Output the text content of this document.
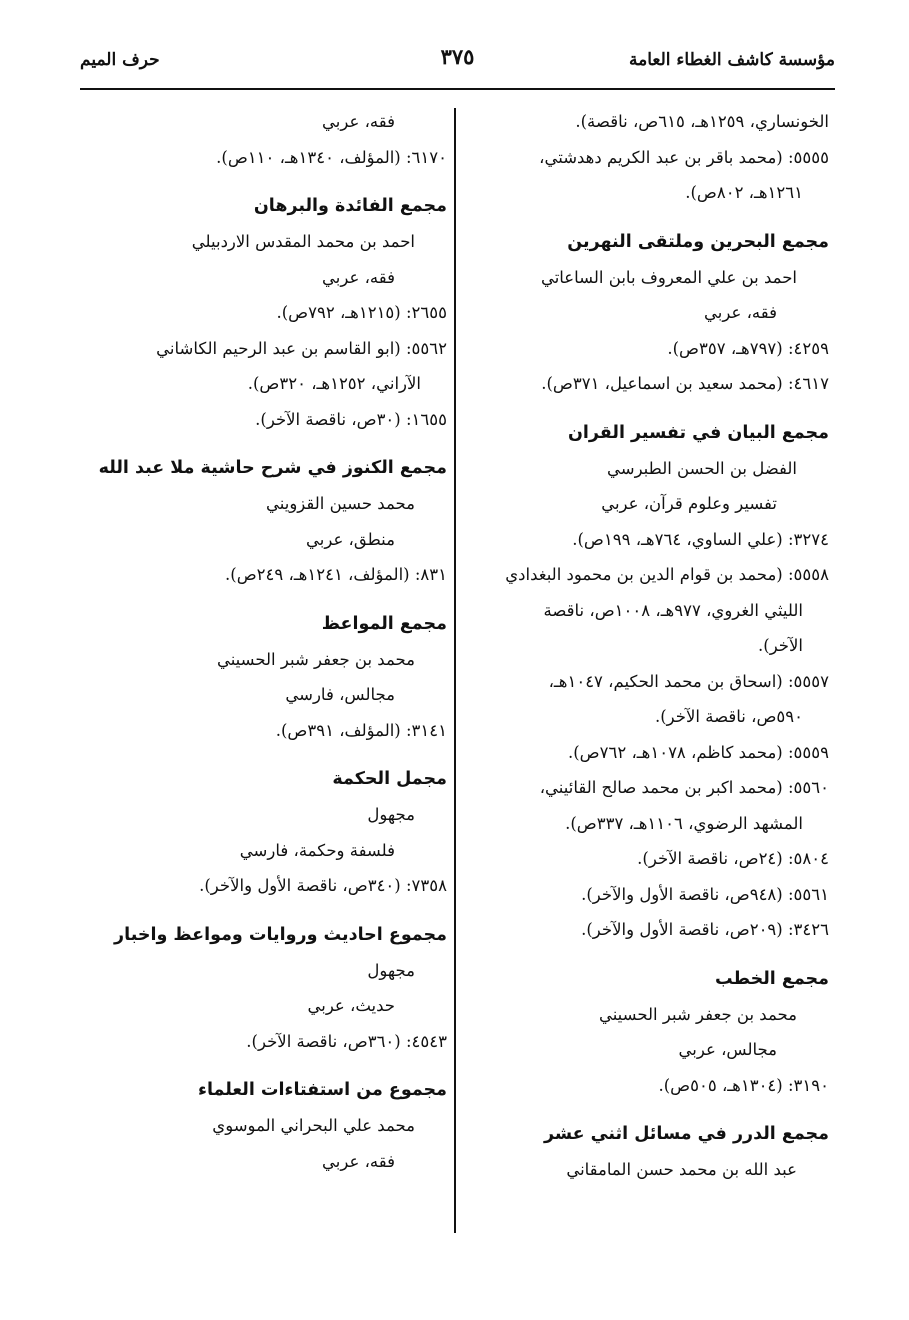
مؤسسة كاشف الغطاء العامة
٣٧٥
حرف الميم
الخونساري، ١٢٥٩هـ، ٦١٥ص، ناقصة).
٥٥٥٥: (محمد باقر بن عبد الكريم دهدشتي،
١٢٦١هـ، ٨٠٢ص).
مجمع البحرين وملتقى النهرين
احمد بن علي المعروف بابن الساعاتي
فقه، عربي
٤٢٥٩: (٧٩٧هـ، ٣٥٧ص).
٤٦١٧: (محمد سعيد بن اسماعيل، ٣٧١ص).
مجمع البيان في تفسير القران
الفضل بن الحسن الطبرسي
تفسير وعلوم قرآن، عربي
٣٢٧٤: (علي الساوي، ٧٦٤هـ، ١٩٩ص).
٥٥٥٨: (محمد بن قوام الدين بن محمود البغدادي
الليثي الغروي، ٩٧٧هـ، ١٠٠٨ص، ناقصة
الآخر).
٥٥٥٧: (اسحاق بن محمد الحكيم، ١٠٤٧هـ،
٥٩٠ص، ناقصة الآخر).
٥٥٥٩: (محمد كاظم، ١٠٧٨هـ، ٧٦٢ص).
٥٥٦٠: (محمد اكبر بن محمد صالح القائيني،
المشهد الرضوي، ١١٠٦هـ، ٣٣٧ص).
٥٨٠٤: (٢٤ص، ناقصة الآخر).
٥٥٦١: (٩٤٨ص، ناقصة الأول والآخر).
٣٤٢٦: (٢٠٩ص، ناقصة الأول والآخر).
مجمع الخطب
محمد بن جعفر شبر الحسيني
مجالس، عربي
٣١٩٠: (١٣٠٤هـ، ٥٠٥ص).
مجمع الدرر في مسائل اثني عشر
عبد الله بن محمد حسن المامقاني
فقه، عربي
٦١٧٠: (المؤلف، ١٣٤٠هـ، ١١٠ص).
مجمع الفائدة والبرهان
احمد بن محمد المقدس الاردبيلي
فقه، عربي
٢٦٥٥: (١٢١٥هـ، ٧٩٢ص).
٥٥٦٢: (ابو القاسم بن عبد الرحيم الكاشاني
الآراني، ١٢٥٢هـ، ٣٢٠ص).
١٦٥٥: (٣٠ص، ناقصة الآخر).
مجمع الكنوز في شرح حاشية ملا عبد الله
محمد حسين القزويني
منطق، عربي
٨٣١: (المؤلف، ١٢٤١هـ، ٢٤٩ص).
مجمع المواعظ
محمد بن جعفر شبر الحسيني
مجالس، فارسي
٣١٤١: (المؤلف، ٣٩١ص).
مجمل الحكمة
مجهول
فلسفة وحكمة، فارسي
٧٣٥٨: (٣٤٠ص، ناقصة الأول والآخر).
مجموع احاديث وروايات ومواعظ واخبار
مجهول
حديث، عربي
٤٥٤٣: (٣٦٠ص، ناقصة الآخر).
مجموع من استفتاءات العلماء
محمد علي البحراني الموسوي
فقه، عربي
